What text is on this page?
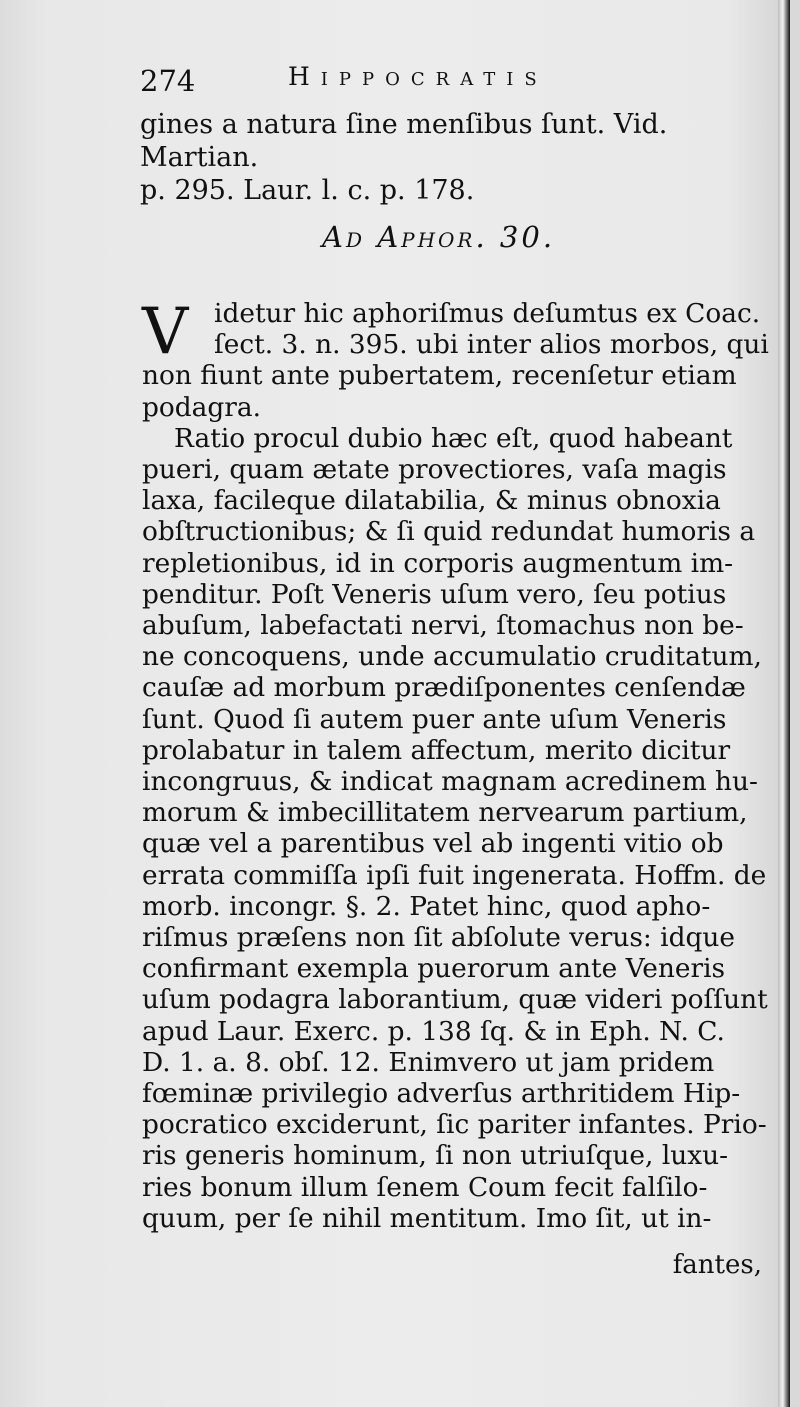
274	Hippocratis

gines a natura ſine menſibus ſunt. Vid. Martian.

p. 295. Laur. l. c. p. 178.

Ad Aphor. 30.
V idetur hic aphoriſmus deſumtus ex Coac.

ſect. 3. n. 395. ubi inter alios morbos, qui

non fiunt ante pubertatem, recenſetur etiam

podagra.

Ratio procul dubio hæc eſt, quod habeant

pueri, quam ætate provectiores, vaſa magis

laxa, facileque dilatabilia, & minus obnoxia

obſtructionibus; & ſi quid redundat humoris a

repletionibus, id in corporis augmentum im-

penditur. Poſt Veneris uſum vero, ſeu potius

abuſum, labefactati nervi, ſtomachus non be-

ne concoquens, unde accumulatio cruditatum,

cauſæ ad morbum prædiſponentes cenſendæ

ſunt. Quod ſi autem puer ante uſum Veneris

prolabatur in talem affectum, merito dicitur

incongruus, & indicat magnam acredinem hu-

morum & imbecillitatem nervearum partium,

quæ vel a parentibus vel ab ingenti vitio ob

errata commiſſa ipſi fuit ingenerata. Hoffm. de

morb. incongr. §. 2. Patet hinc, quod apho-

riſmus præſens non ſit abſolute verus: idque

confirmant exempla puerorum ante Veneris

uſum podagra laborantium, quæ videri poſſunt

apud Laur. Exerc. p. 138 ſq. & in Eph. N. C.

D. 1. a. 8. obſ. 12. Enimvero ut jam pridem

fœminæ privilegio adverſus arthritidem Hip-

pocratico exciderunt, ſic pariter infantes. Prio-

ris generis hominum, ſi non utriuſque, luxu-

ries bonum illum ſenem Coum fecit falſilo-

quum, per ſe nihil mentitum. Imo ſit, ut in-

fantes,
